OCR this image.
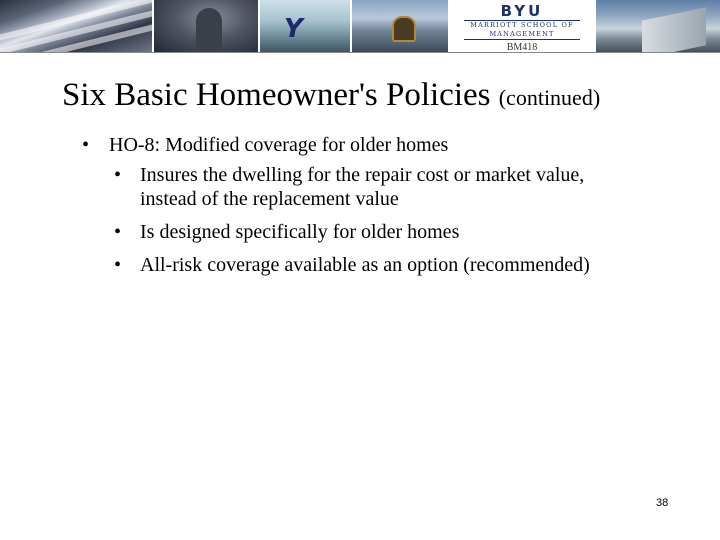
Y
BYU
MARRIOTT SCHOOL OF MANAGEMENT
BM418
Six Basic Homeowner's Policies (continued)
• HO-8: Modified coverage for older homes
• Insures the dwelling for the repair cost or market value, instead of the replacement value
• Is designed specifically for older homes
• All-risk coverage available as an option (recommended)
38
